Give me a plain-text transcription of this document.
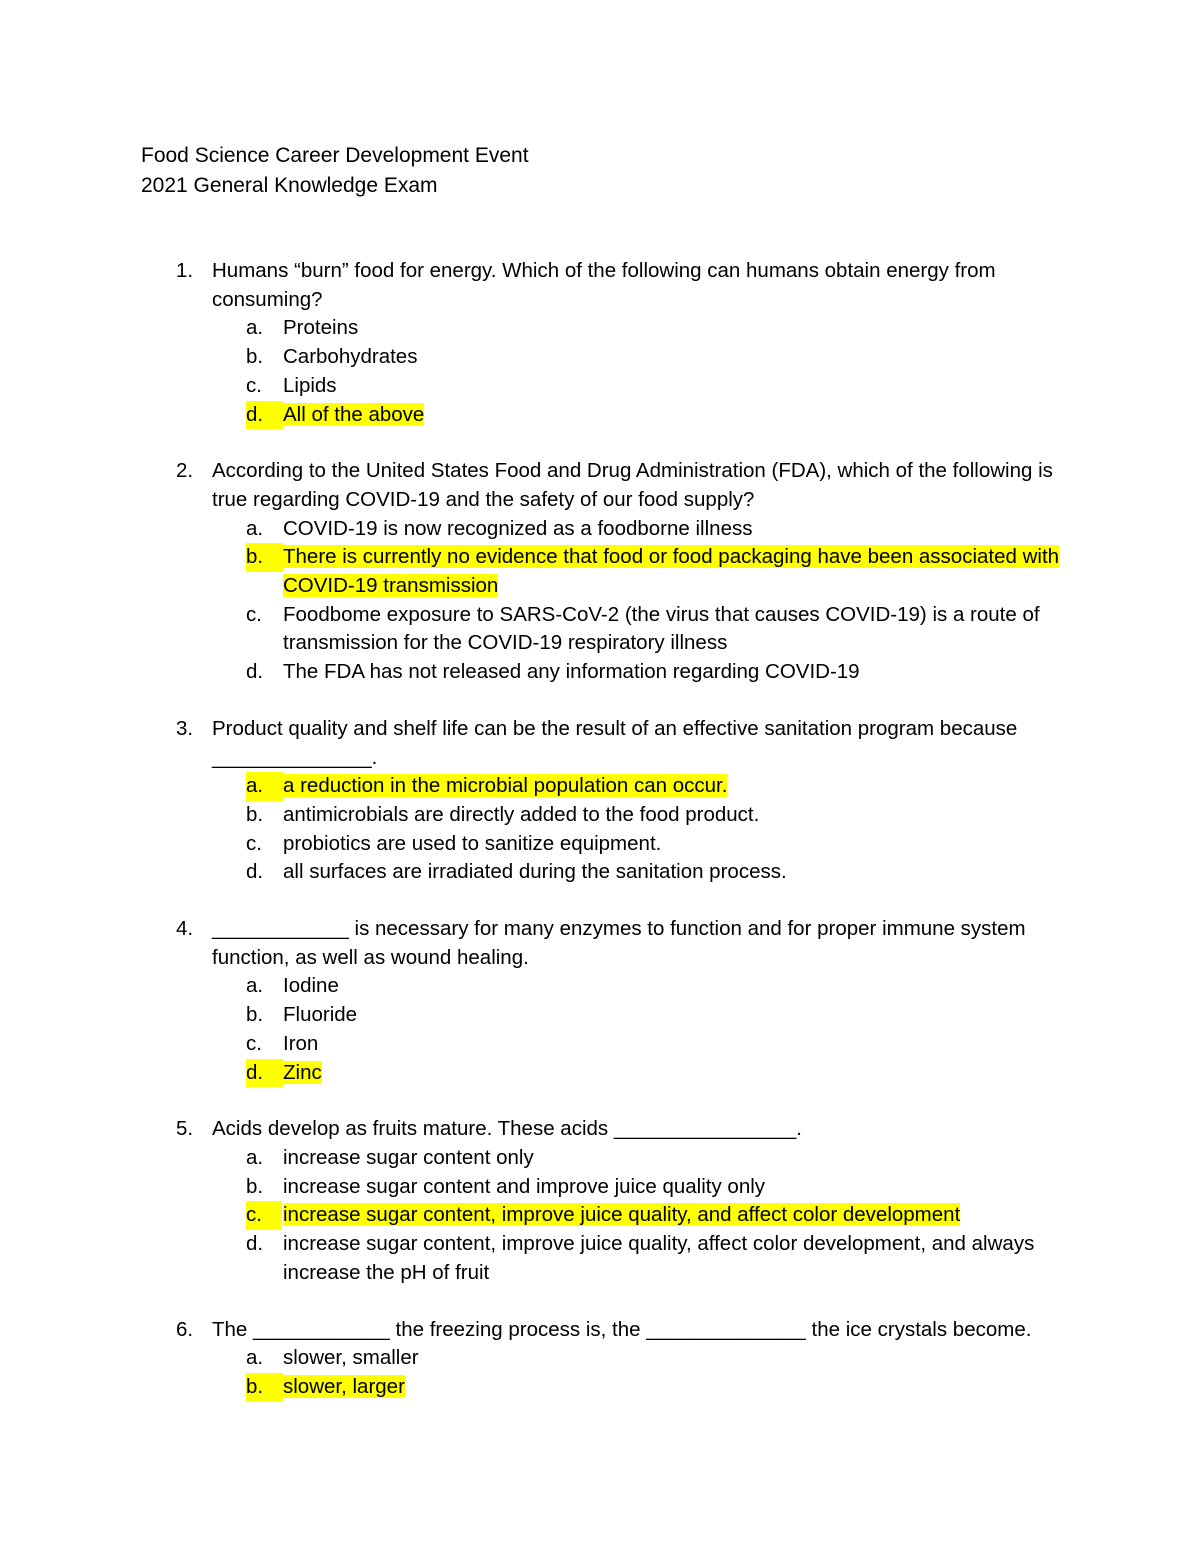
Food Science Career Development Event
2021 General Knowledge Exam
1. Humans “burn” food for energy. Which of the following can humans obtain energy from consuming?
a. Proteins
b. Carbohydrates
c. Lipids
d. All of the above
2. According to the United States Food and Drug Administration (FDA), which of the following is true regarding COVID-19 and the safety of our food supply?
a. COVID-19 is now recognized as a foodborne illness
b. There is currently no evidence that food or food packaging have been associated with COVID-19 transmission
c. Foodbome exposure to SARS-CoV-2 (the virus that causes COVID-19) is a route of transmission for the COVID-19 respiratory illness
d. The FDA has not released any information regarding COVID-19
3. Product quality and shelf life can be the result of an effective sanitation program because ______________.
a. a reduction in the microbial population can occur.
b. antimicrobials are directly added to the food product.
c. probiotics are used to sanitize equipment.
d. all surfaces are irradiated during the sanitation process.
4. ____________ is necessary for many enzymes to function and for proper immune system function, as well as wound healing.
a. Iodine
b. Fluoride
c. Iron
d. Zinc
5. Acids develop as fruits mature. These acids ________________.
a. increase sugar content only
b. increase sugar content and improve juice quality only
c.	increase sugar content, improve juice quality, and affect color development
d. increase sugar content, improve juice quality, affect color development, and always increase the pH of fruit
6. The ____________ the freezing process is, the ______________ the ice crystals become.
a. slower, smaller
b. slower, larger
